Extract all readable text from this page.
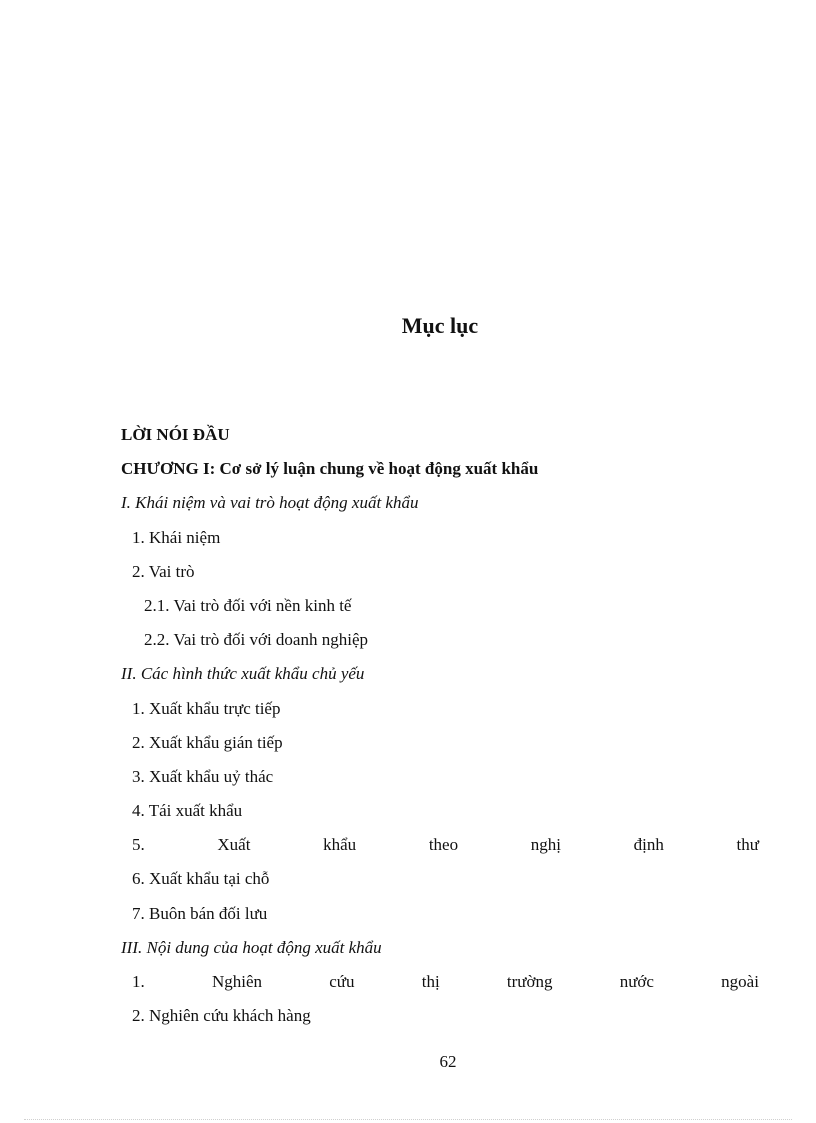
Mục lục
LỜI NÓI ĐẦU
CHƯƠNG I: Cơ sở lý luận chung về hoạt động xuất khẩu
I. Khái niệm và vai trò hoạt động xuất khẩu
1. Khái niệm
2. Vai trò
2.1. Vai trò đối với nền kinh tế
2.2. Vai trò đối với doanh nghiệp
II. Các hình thức xuất khẩu chủ yếu
1. Xuất khẩu trực tiếp
2. Xuất khẩu gián tiếp
3. Xuất khẩu uỷ thác
4. Tái xuất khẩu
5.	Xuất	khẩu	theo	nghị	định	thư
6. Xuất khẩu tại chỗ
7. Buôn bán đối lưu
III. Nội dung của hoạt động xuất khẩu
1.	Nghiên	cứu	thị	trường	nước	ngoài
2. Nghiên cứu khách hàng
62
